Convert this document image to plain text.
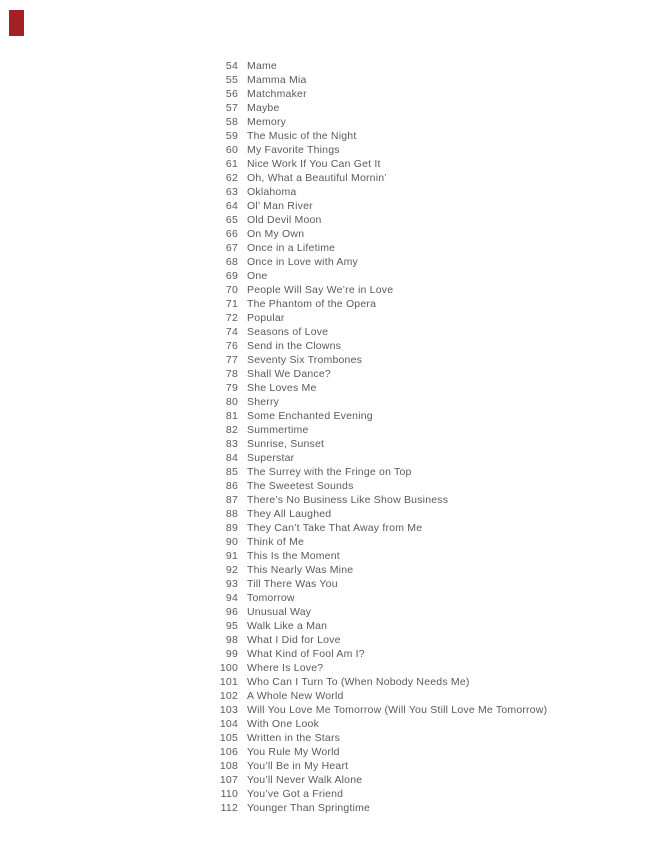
54 Mame
55 Mamma Mia
56 Matchmaker
57 Maybe
58 Memory
59 The Music of the Night
60 My Favorite Things
61 Nice Work If You Can Get It
62 Oh, What a Beautiful Mornin’
63 Oklahoma
64 Ol’ Man River
65 Old Devil Moon
66 On My Own
67 Once in a Lifetime
68 Once in Love with Amy
69 One
70 People Will Say We’re in Love
71 The Phantom of the Opera
72 Popular
74 Seasons of Love
76 Send in the Clowns
77 Seventy Six Trombones
78 Shall We Dance?
79 She Loves Me
80 Sherry
81 Some Enchanted Evening
82 Summertime
83 Sunrise, Sunset
84 Superstar
85 The Surrey with the Fringe on Top
86 The Sweetest Sounds
87 There’s No Business Like Show Business
88 They All Laughed
89 They Can’t Take That Away from Me
90 Think of Me
91 This Is the Moment
92 This Nearly Was Mine
93 Till There Was You
94 Tomorrow
96 Unusual Way
95 Walk Like a Man
98 What I Did for Love
99 What Kind of Fool Am I?
100 Where Is Love?
101 Who Can I Turn To (When Nobody Needs Me)
102 A Whole New World
103 Will You Love Me Tomorrow (Will You Still Love Me Tomorrow)
104 With One Look
105 Written in the Stars
106 You Rule My World
108 You’ll Be in My Heart
107 You’ll Never Walk Alone
110 You’ve Got a Friend
112 Younger Than Springtime
